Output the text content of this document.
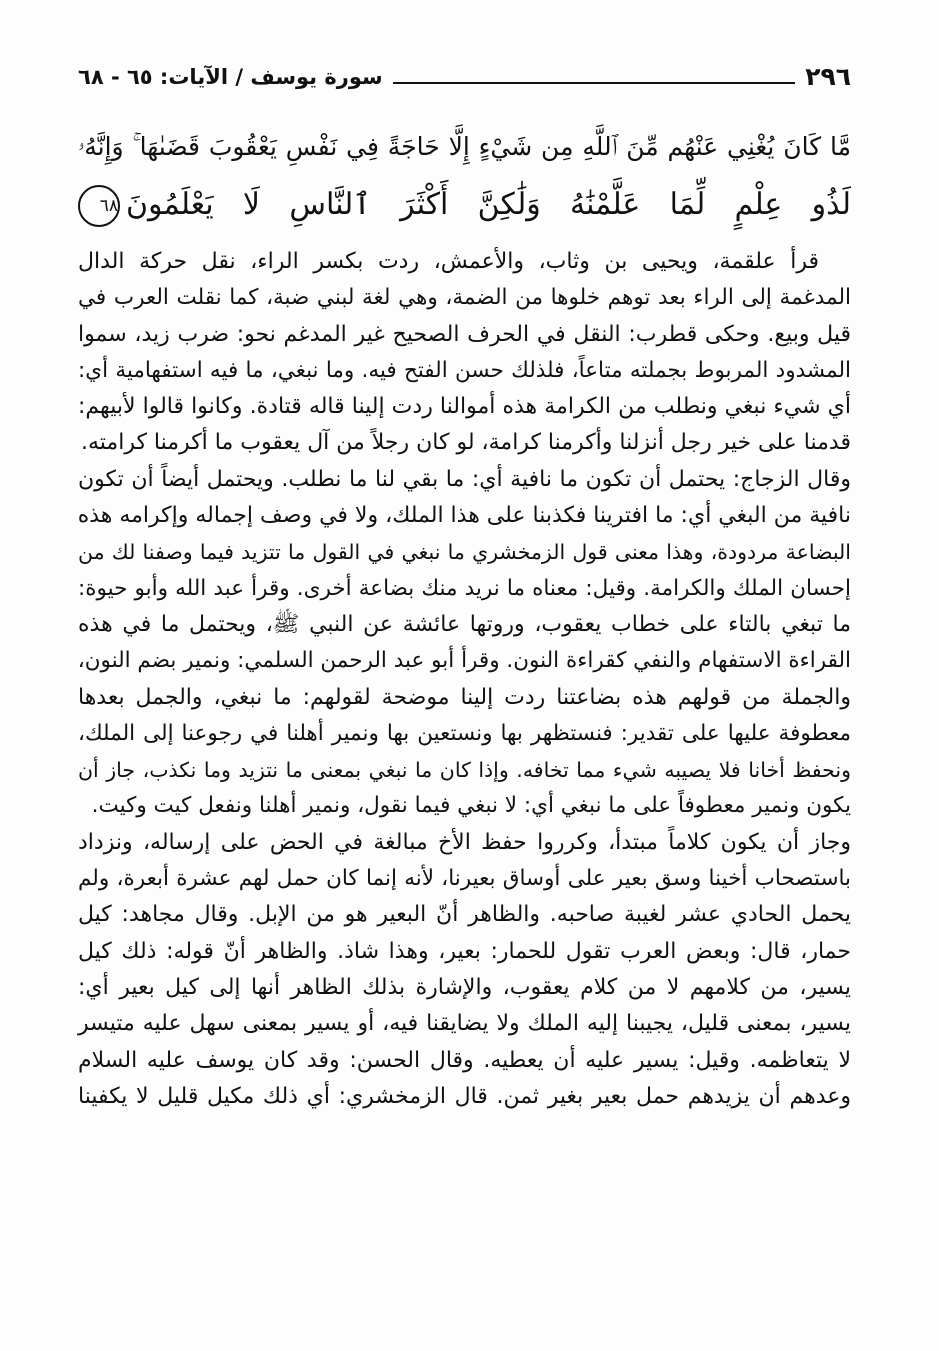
٢٩٦
سورة يوسف / الآيات: ٦٥ - ٦٨
مَّا كَانَ يُغْنِي عَنْهُم مِّنَ ٱللَّهِ مِن شَيْءٍ إِلَّا حَاجَةً فِي نَفْسِ يَعْقُوبَ قَضَىٰهَا ۚ وَإِنَّهُۥ
لَذُو عِلْمٍ لِّمَا عَلَّمْنَٰهُ وَلَٰكِنَّ أَكْثَرَ ٱلنَّاسِ لَا يَعْلَمُونَ٦٨
قرأ علقمة، ويحيى بن وثاب، والأعمش، ردت بكسر الراء، نقل حركة الدال
المدغمة إلى الراء بعد توهم خلوها من الضمة، وهي لغة لبني ضبة، كما نقلت العرب في
قيل وبيع. وحكى قطرب: النقل في الحرف الصحيح غير المدغم نحو: ضرب زيد، سموا
المشدود المربوط بجملته متاعاً، فلذلك حسن الفتح فيه. وما نبغي، ما فيه استفهامية أي:
أي شيء نبغي ونطلب من الكرامة هذه أموالنا ردت إلينا قاله قتادة. وكانوا قالوا لأبيهم:
قدمنا على خير رجل أنزلنا وأكرمنا كرامة، لو كان رجلاً من آل يعقوب ما أكرمنا كرامته.
وقال الزجاج: يحتمل أن تكون ما نافية أي: ما بقي لنا ما نطلب. ويحتمل أيضاً أن تكون
نافية من البغي أي: ما افترينا فكذبنا على هذا الملك، ولا في وصف إجماله وإكرامه هذه
البضاعة مردودة، وهذا معنى قول الزمخشري ما نبغي في القول ما تتزيد فيما وصفنا لك من
إحسان الملك والكرامة. وقيل: معناه ما نريد منك بضاعة أخرى. وقرأ عبد الله وأبو حيوة:
ما تبغي بالتاء على خطاب يعقوب، وروتها عائشة عن النبي ﷺ، ويحتمل ما في هذه
القراءة الاستفهام والنفي كقراءة النون. وقرأ أبو عبد الرحمن السلمي: ونمير بضم النون،
والجملة من قولهم هذه بضاعتنا ردت إلينا موضحة لقولهم: ما نبغي، والجمل بعدها
معطوفة عليها على تقدير: فنستظهر بها ونستعين بها ونمير أهلنا في رجوعنا إلى الملك،
ونحفظ أخانا فلا يصيبه شيء مما تخافه. وإذا كان ما نبغي بمعنى ما نتزيد وما نكذب، جاز أن
يكون ونمير معطوفاً على ما نبغي أي: لا نبغي فيما نقول، ونمير أهلنا ونفعل كيت وكيت.
وجاز أن يكون كلاماً مبتدأ، وكرروا حفظ الأخ مبالغة في الحض على إرساله، ونزداد
باستصحاب أخينا وسق بعير على أوساق بعيرنا، لأنه إنما كان حمل لهم عشرة أبعرة، ولم
يحمل الحادي عشر لغيبة صاحبه. والظاهر أنّ البعير هو من الإبل. وقال مجاهد: كيل
حمار، قال: وبعض العرب تقول للحمار: بعير، وهذا شاذ. والظاهر أنّ قوله: ذلك كيل
يسير، من كلامهم لا من كلام يعقوب، والإشارة بذلك الظاهر أنها إلى كيل بعير أي:
يسير، بمعنى قليل، يجيبنا إليه الملك ولا يضايقنا فيه، أو يسير بمعنى سهل عليه متيسر
لا يتعاظمه. وقيل: يسير عليه أن يعطيه. وقال الحسن: وقد كان يوسف عليه السلام
وعدهم أن يزيدهم حمل بعير بغير ثمن. قال الزمخشري: أي ذلك مكيل قليل لا يكفينا
